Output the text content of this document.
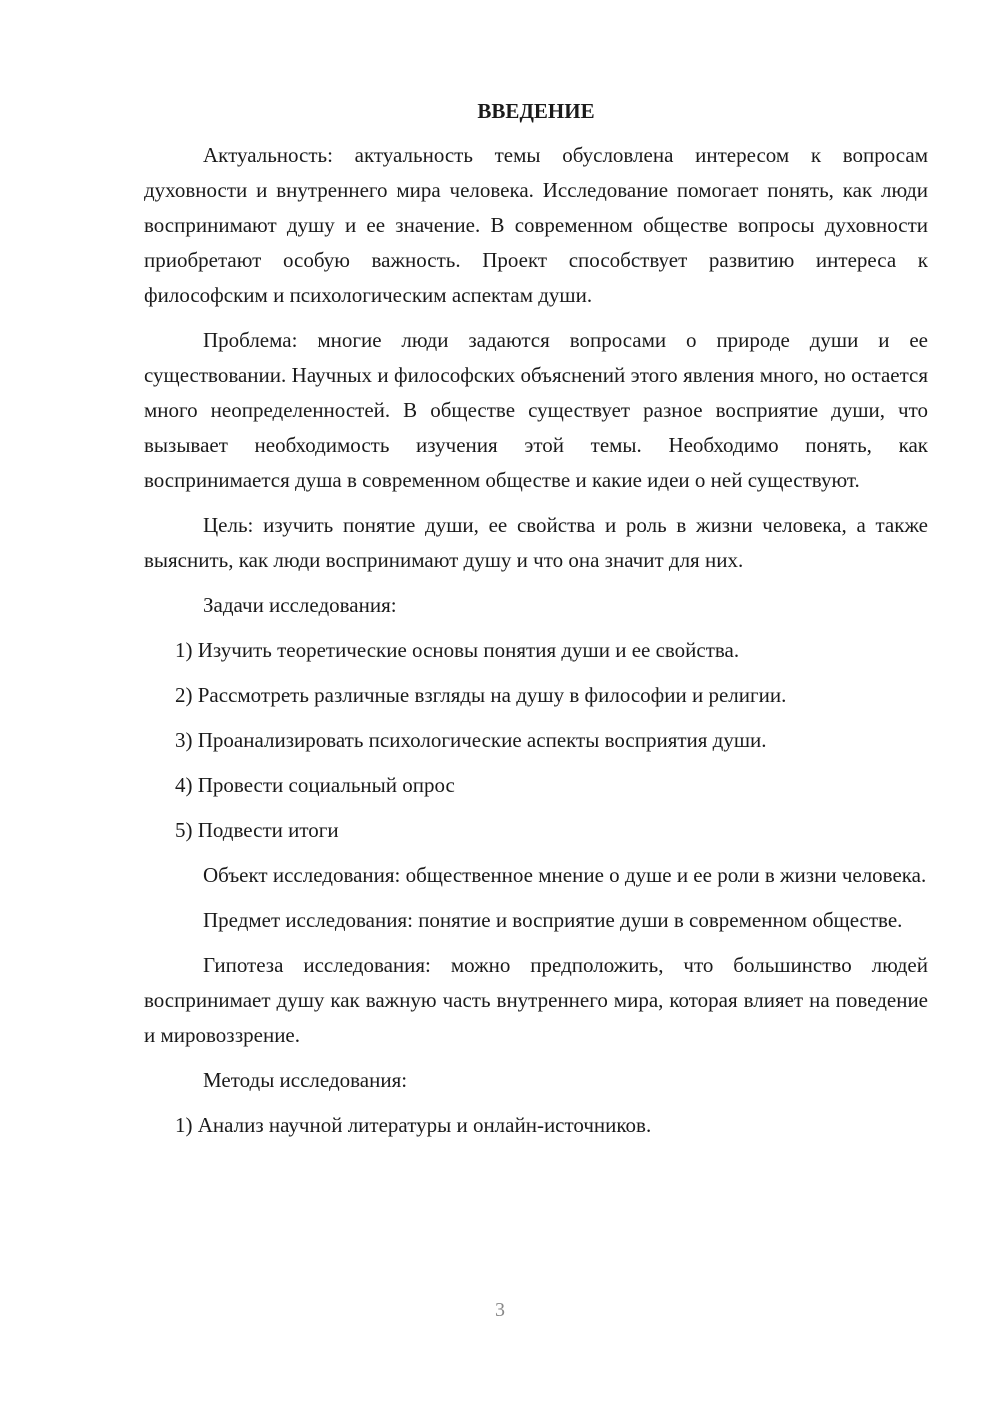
ВВЕДЕНИЕ

Актуальность: актуальность темы обусловлена интересом к вопросам духовности и внутреннего мира человека. Исследование помогает понять, как люди воспринимают душу и ее значение. В современном обществе вопросы духовности приобретают особую важность. Проект способствует развитию интереса к философским и психологическим аспектам души.

Проблема: многие люди задаются вопросами о природе души и ее существовании. Научных и философских объяснений этого явления много, но остается много неопределенностей. В обществе существует разное восприятие души, что вызывает необходимость изучения этой темы. Необходимо понять, как воспринимается душа в современном обществе и какие идеи о ней существуют.

Цель: изучить понятие души, ее свойства и роль в жизни человека, а также выяснить, как люди воспринимают душу и что она значит для них.

Задачи исследования:

1) Изучить теоретические основы понятия души и ее свойства.

2) Рассмотреть различные взгляды на душу в философии и религии.

3) Проанализировать психологические аспекты восприятия души.

4) Провести социальный опрос

5) Подвести итоги

Объект исследования: общественное мнение о душе и ее роли в жизни человека.

Предмет исследования: понятие и восприятие души в современном обществе.

Гипотеза исследования: можно предположить, что большинство людей воспринимает душу как важную часть внутреннего мира, которая влияет на поведение и мировоззрение.

Методы исследования:

1) Анализ научной литературы и онлайн-источников.

3
